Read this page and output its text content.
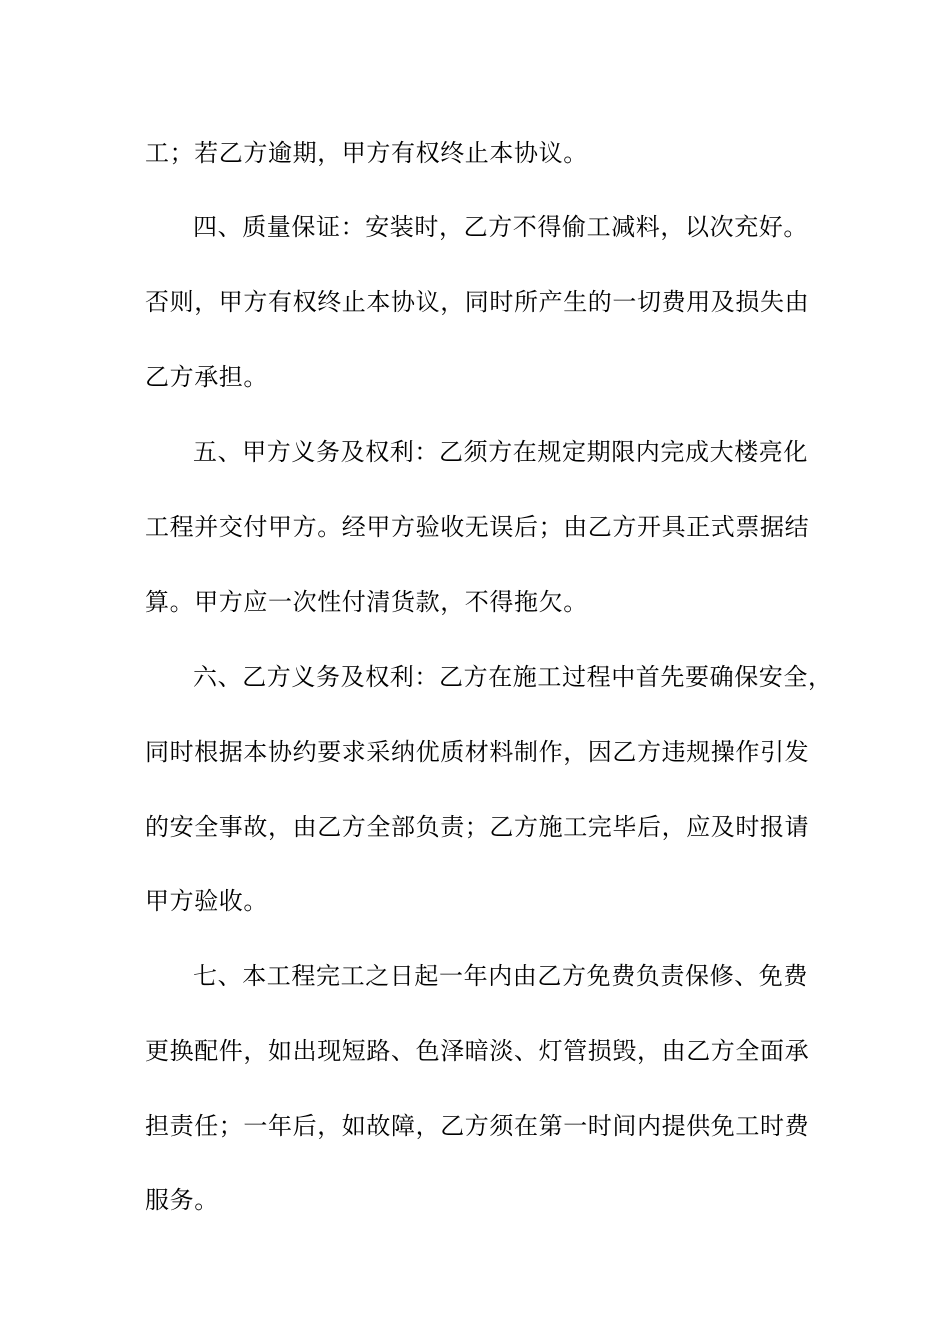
工；若乙方逾期，甲方有权终止本协议。
四、质量保证：安装时，乙方不得偷工减料，以次充好。
否则，甲方有权终止本协议，同时所产生的一切费用及损失由
乙方承担。
五、甲方义务及权利：乙须方在规定期限内完成大楼亮化
工程并交付甲方。经甲方验收无误后；由乙方开具正式票据结
算。甲方应一次性付清货款，不得拖欠。
六、乙方义务及权利：乙方在施工过程中首先要确保安全，
同时根据本协约要求采纳优质材料制作，因乙方违规操作引发
的安全事故，由乙方全部负责；乙方施工完毕后，应及时报请
甲方验收。
七、本工程完工之日起一年内由乙方免费负责保修、免费
更换配件，如出现短路、色泽暗淡、灯管损毁，由乙方全面承
担责任；一年后，如故障，乙方须在第一时间内提供免工时费
服务。
